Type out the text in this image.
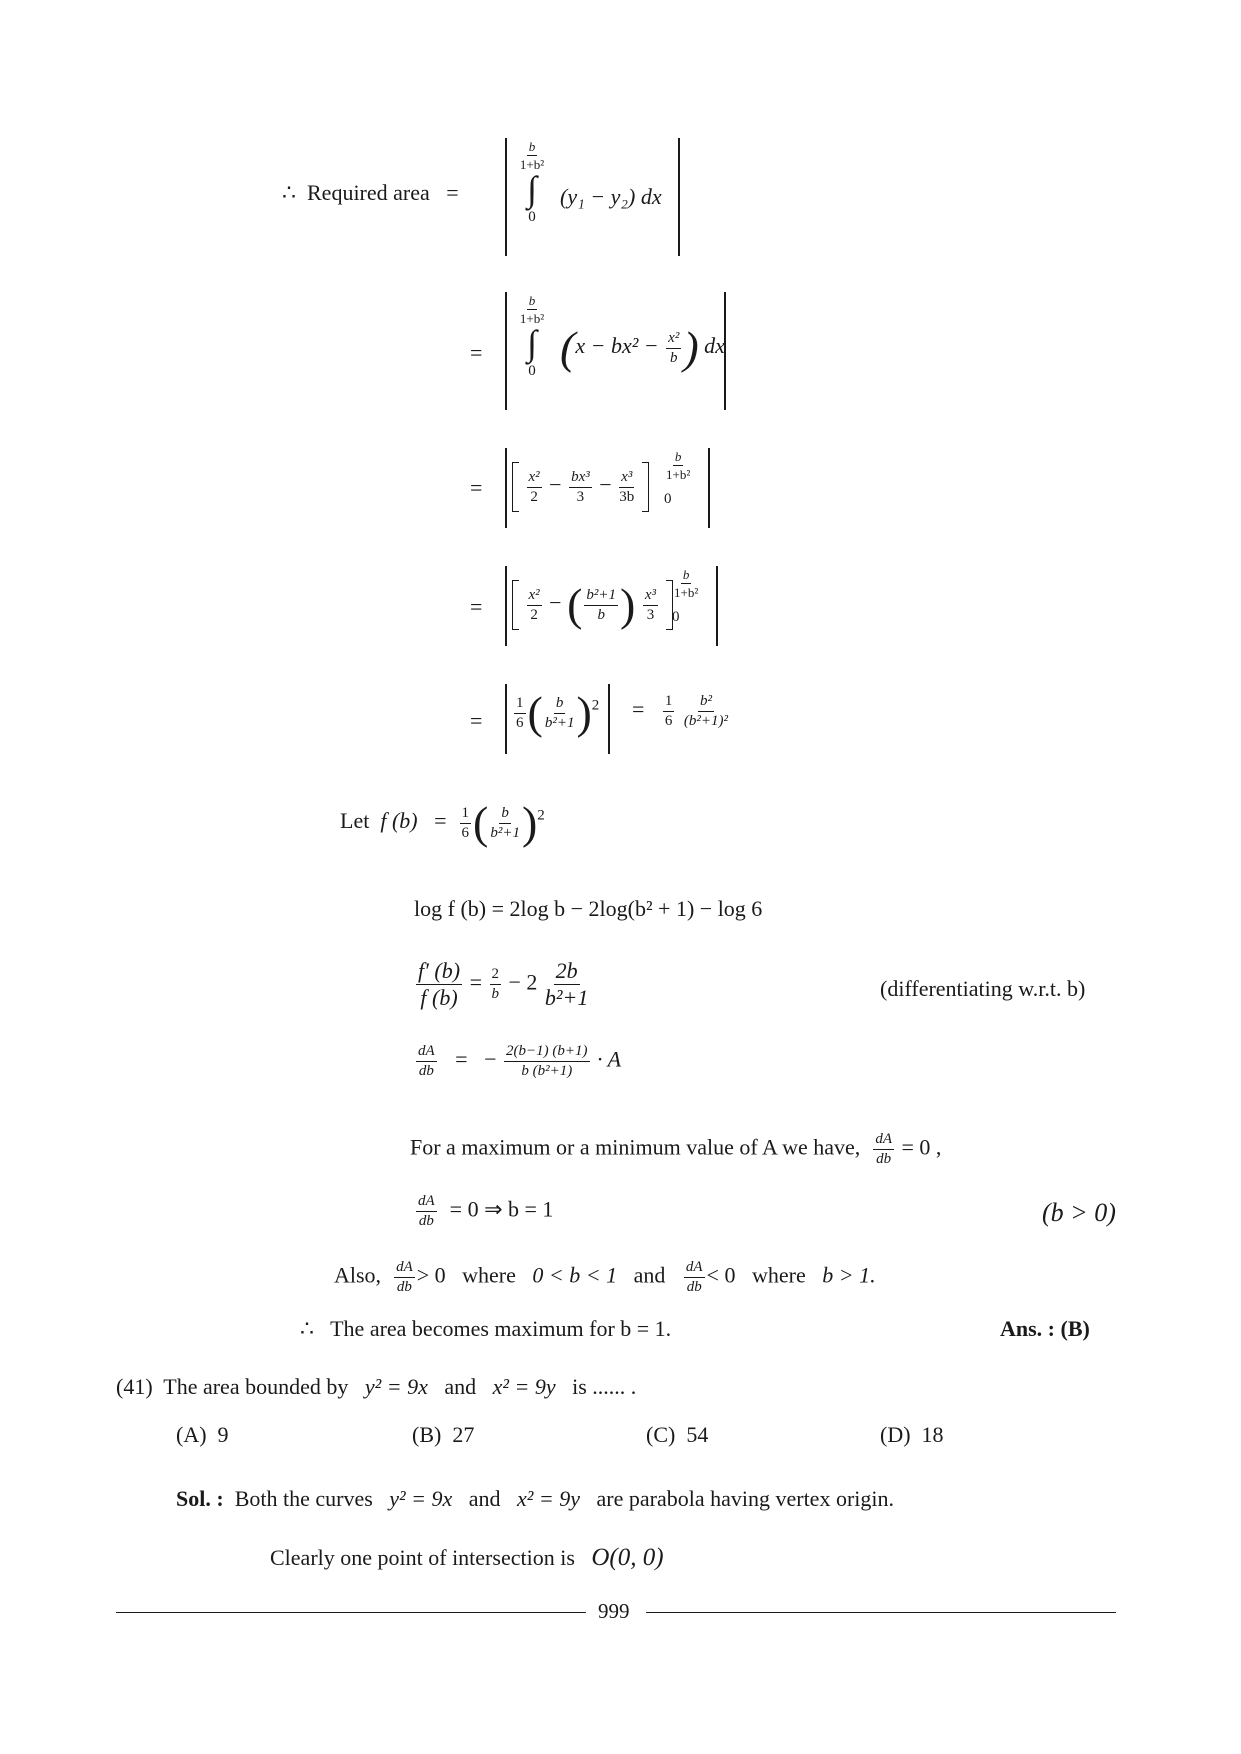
∴ Required area =
$\frac{b}{\text{1+b²}}$
∫
0
(y₁ − y₂) dx
=
$\frac{b}{\text{1+b²}}$
∫
0 ($x - bx^2 - \frac{\text{x²}}{b}$ ) dx
=
	$\frac{\text{x²}}{2} - \frac{\text{bx³}}{3} - \frac{\text{x³}}{3b}$

$\frac{b}{\text{1+b²}}$
0
=
	$\frac{\text{x²}}{2}$ − ( $\frac{\text{b²+1}}{b}$ ) $\frac{\text{x³}}{3}$

$\frac{b}{\text{1+b²}}$
0
= $\frac{1}{6}$ ( $\frac{b}{\text{b²+1}} )^2 = \frac{1}{6}$
$\frac{\text{b²}}{\text{(b²+1)²}}$
Let f $(b) = \frac{1}{6}$ ( $\frac{b}{\text{b²+1}} )^2$
log f (b) = 2log b − 2log(b² + 1) − log 6
$\frac{f' (b)}{f (b)} = \frac{2}{b} - 2 \frac{2b}{\text{b²+1}}$	(differentiating w.r.t. b)
$\frac{dA}{db}$ = − $\frac{2(b-1) (b+1)}{\text{b (b²+1)}} \cdot A$
For a maximum or a minimum value of A we have, $\frac{dA}{db} = 0$ ,
$\frac{dA}{db} = 0$ ⇒ b = 1	(b > 0)
Also, $\frac{dA}{db} > 0$ where 0 < b < 1 and $\frac{dA}{db} < 0$ where b > 1.
∴ The area becomes maximum for b = 1.	Ans. : (B)
(41) The area bounded by y² = 9x and x² = 9y is ...... .
(A) 9	(B) 27	(C) 54	(D) 18
Sol. : Both the curves y² = 9x and x² = 9y are parabola having vertex origin.
Clearly one point of intersection is O(0, 0)
999
